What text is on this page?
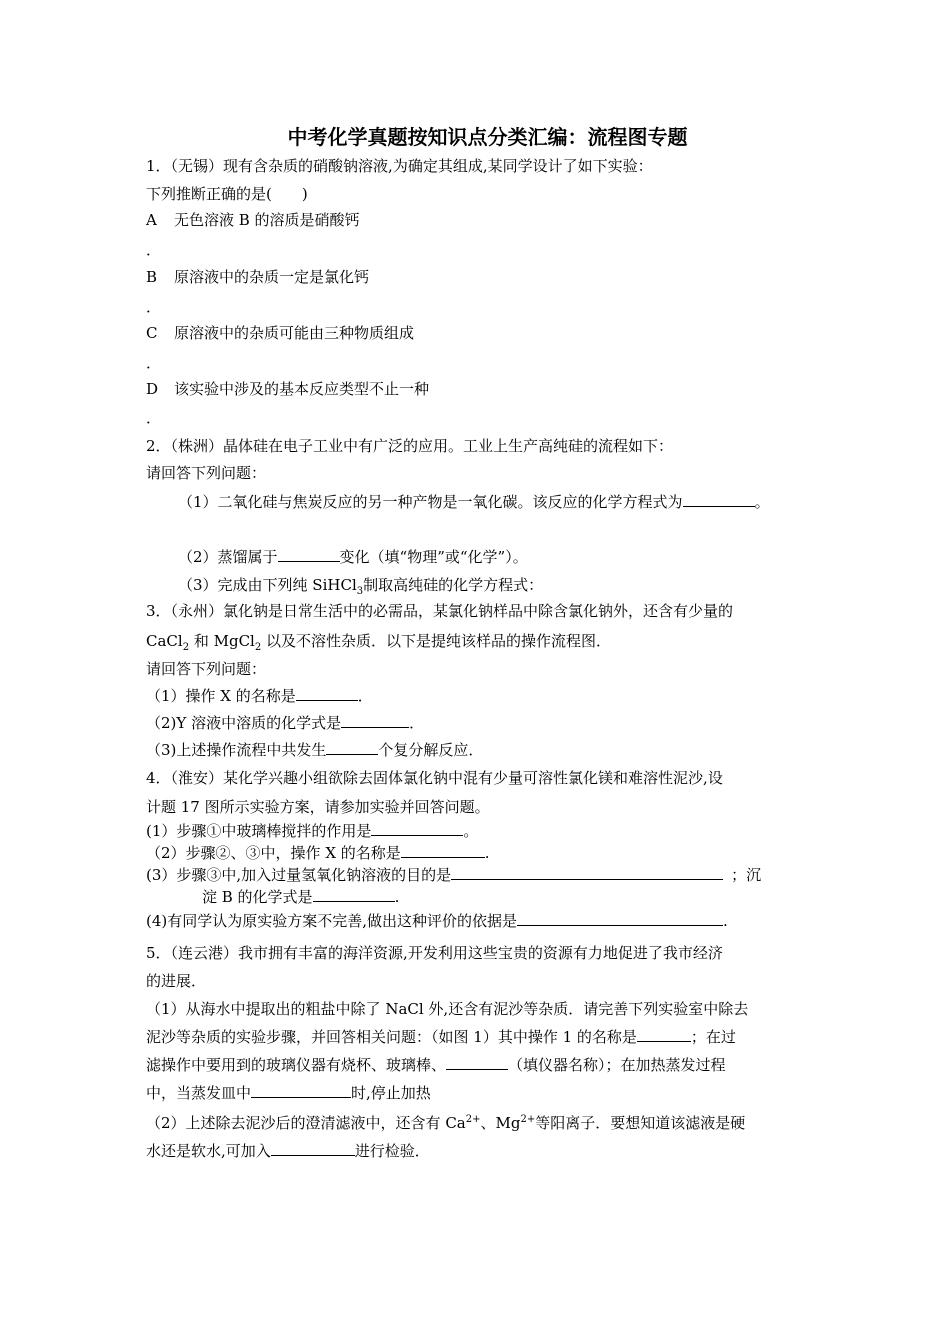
中考化学真题按知识点分类汇编：流程图专题
1．（无锡）现有含杂质的硝酸钠溶液,为确定其组成,某同学设计了如下实验：
下列推断正确的是(　　)
A	无色溶液 B 的溶质是硝酸钙
．
B	原溶液中的杂质一定是氯化钙
．
C	原溶液中的杂质可能由三种物质组成
．
D	该实验中涉及的基本反应类型不止一种
．
2．（株洲）晶体硅在电子工业中有广泛的应用。工业上生产高纯硅的流程如下：
请回答下列问题：
（1）二氧化硅与焦炭反应的另一种产物是一氧化碳。该反应的化学方程式为	。
（2）蒸馏属于	变化（填“物理”或“化学”）。
（3）完成由下列纯 SiHCl$_3$制取高纯硅的化学方程式：
3．（永州）氯化钠是日常生活中的必需品，某氯化钠样品中除含氯化钠外，还含有少量的
CaCl$_2$ 和 MgCl$_2$ 以及不溶性杂质．以下是提纯该样品的操作流程图．
请回答下列问题：
（1）操作 X 的名称是	．
（2)Y 溶液中溶质的化学式是	．
（3)上述操作流程中共发生	个复分解反应．
4．（淮安）某化学兴趣小组欲除去固体氯化钠中混有少量可溶性氯化镁和难溶性泥沙,设
计题 17 图所示实验方案，请参加实验并回答问题。
(1）步骤①中玻璃棒搅拌的作用是	。
（2）步骤②、③中，操作 X 的名称是	.
(3）步骤③中,加入过量氢氧化钠溶液的目的是	；沉
淀 B 的化学式是	.
(4)有同学认为原实验方案不完善,做出这种评价的依据是	.
5．（连云港）我市拥有丰富的海洋资源,开发利用这些宝贵的资源有力地促进了我市经济
的进展．
（1）从海水中提取出的粗盐中除了 NaCl 外,还含有泥沙等杂质．请完善下列实验室中除去
泥沙等杂质的实验步骤，并回答相关问题：（如图 1）其中操作 1 的名称是	；在过
滤操作中要用到的玻璃仪器有烧杯、玻璃棒、	（填仪器名称）；在加热蒸发过程
中，当蒸发皿中	时,停止加热
（2）上述除去泥沙后的澄清滤液中，还含有 $Ca^{2+}$、$Mg^{2+}$等阳离子．要想知道该滤液是硬
水还是软水,可加入	进行检验．
